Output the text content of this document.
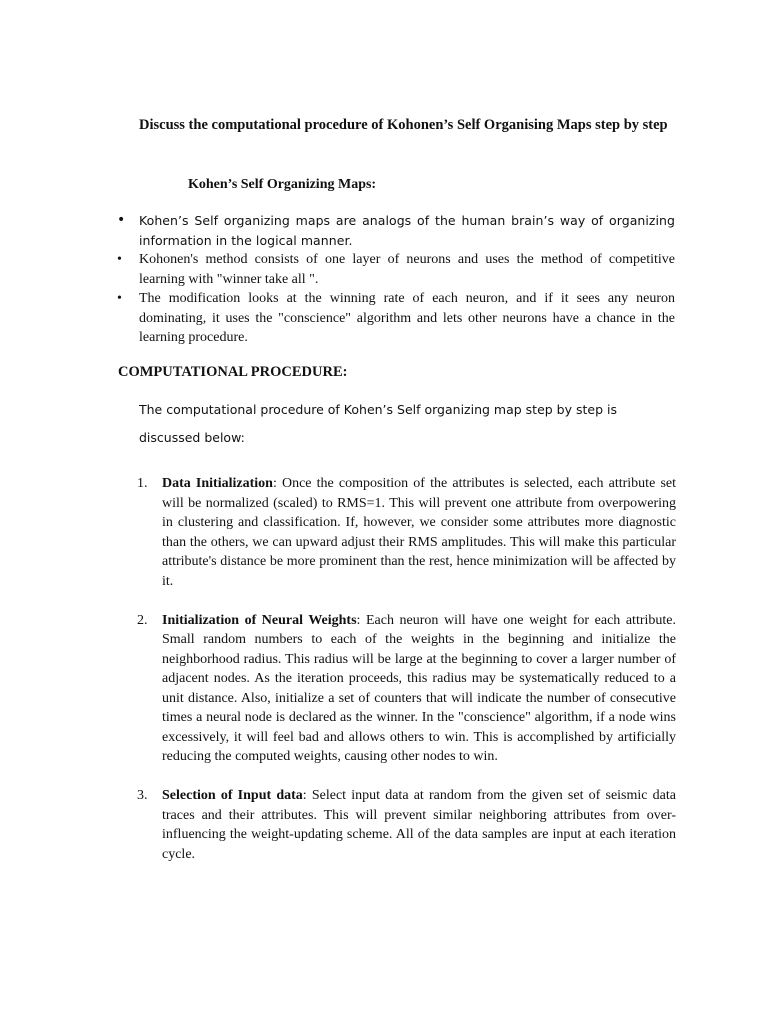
Discuss the computational procedure of Kohonen’s Self Organising Maps step by step
Kohen’s Self Organizing Maps:
• Kohen’s Self organizing maps are analogs of the human brain’s way of organizing information in the logical manner.
• Kohonen's method consists of one layer of neurons and uses the method of competitive learning with "winner take all ".
• The modification looks at the winning rate of each neuron, and if it sees any neuron dominating, it uses the "conscience" algorithm and lets other neurons have a chance in the learning procedure.
COMPUTATIONAL PROCEDURE:
The computational procedure of Kohen’s Self organizing map step by step is discussed below:
1. Data Initialization: Once the composition of the attributes is selected, each attribute set will be normalized (scaled) to RMS=1. This will prevent one attribute from overpowering in clustering and classification. If, however, we consider some attributes more diagnostic than the others, we can upward adjust their RMS amplitudes. This will make this particular attribute's distance be more prominent than the rest, hence minimization will be affected by it.
2. Initialization of Neural Weights: Each neuron will have one weight for each attribute. Small random numbers to each of the weights in the beginning and initialize the neighborhood radius. This radius will be large at the beginning to cover a larger number of adjacent nodes. As the iteration proceeds, this radius may be systematically reduced to a unit distance. Also, initialize a set of counters that will indicate the number of consecutive times a neural node is declared as the winner. In the "conscience" algorithm, if a node wins excessively, it will feel bad and allows others to win. This is accomplished by artificially reducing the computed weights, causing other nodes to win.
3. Selection of Input data: Select input data at random from the given set of seismic data traces and their attributes. This will prevent similar neighboring attributes from over-influencing the weight-updating scheme. All of the data samples are input at each iteration cycle.
